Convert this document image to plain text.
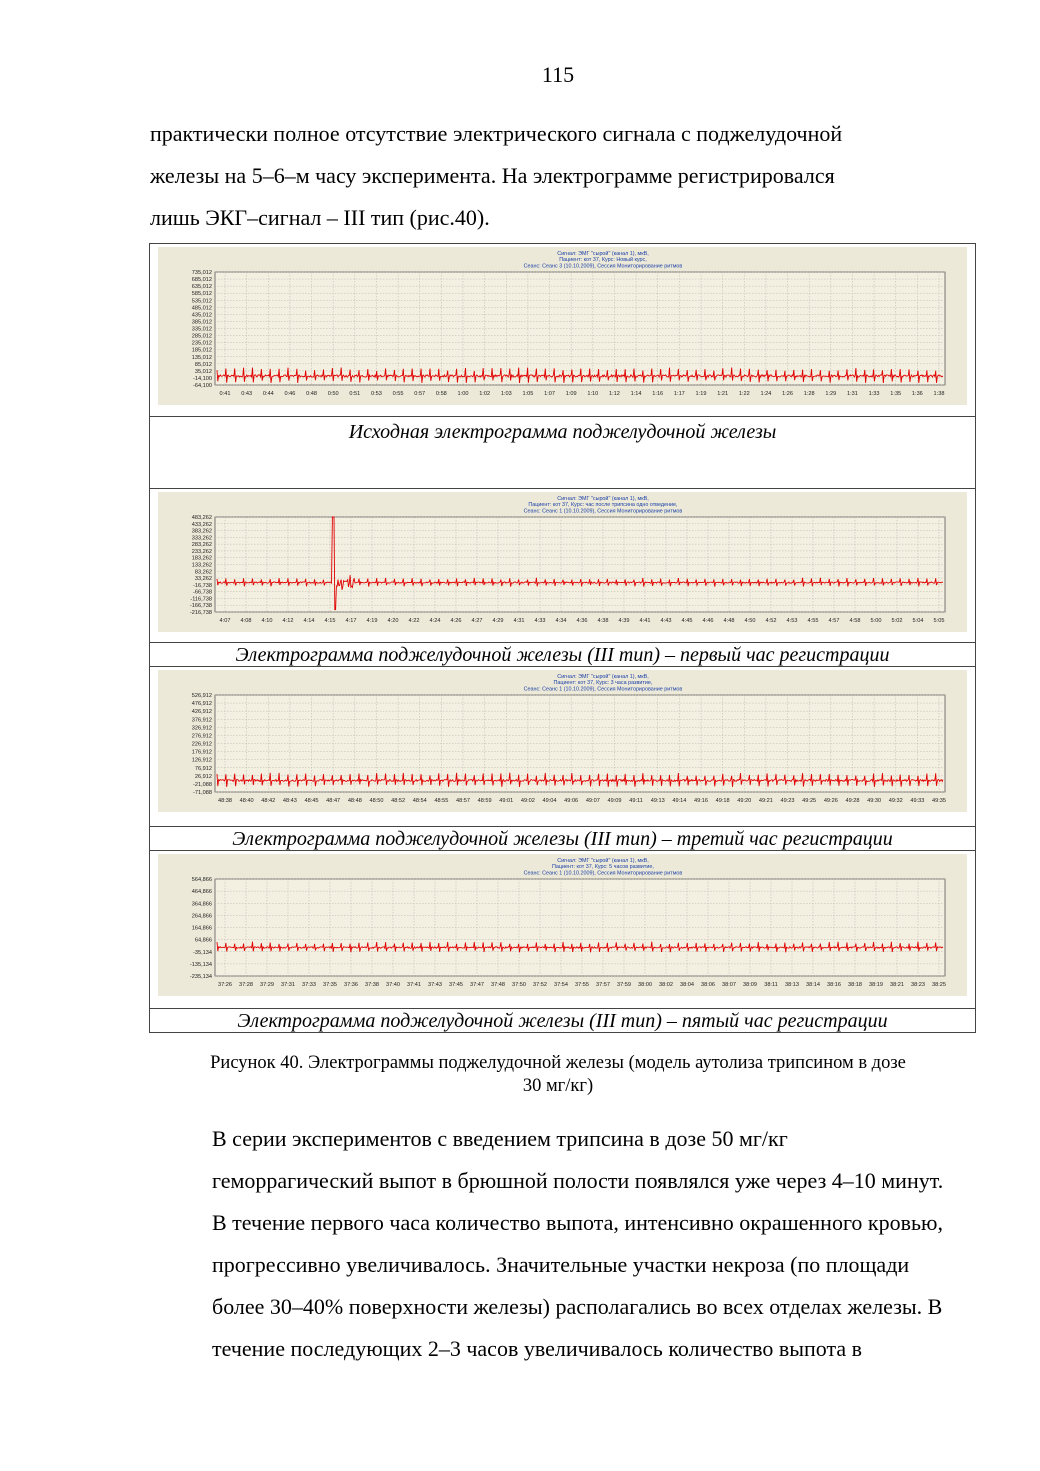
115

практически полное отсутствие электрического сигнала с поджелудочной

железы на 5–6–м часу эксперимента. На электрограмме регистрировался

лишь ЭКГ–сигнал – III тип (рис.40).

Сигнал: ЭМГ "сырой" (канал 1), мкВ,
Пациент: кот 37, Курс: Новый курс,
Сеанс: Сеанс 3 (10.10.2009), Сессия Мониторирование ритмов
735,012
685,012
635,012
585,012
535,012
485,012
435,012
385,012
335,012
285,012
235,012
185,012
135,012
85,012
35,012
-14,100
-64,100
0:41 0:43 0:44 0:46 0:48 0:50 0:51 0:53 0:55 0:57 0:58 1:00 1:02 1:03 1:05 1:07 1:09 1:10 1:12 1:14 1:16 1:17 1:19 1:21 1:22 1:24 1:26 1:28 1:29 1:31 1:33 1:35 1:36 1:38
Исходная электрограмма поджелудочной железы
Сигнал: ЭМГ "сырой" (канал 1), мкВ,
Пациент: кот 37, Курс: час после трипсина одно отведение,
Сеанс: Сеанс 1 (10.10.2009), Сессия Мониторирование ритмов
483,262
433,262
383,262
333,262
283,262
233,262
183,262
133,262
83,262
33,262
-16,738
-66,738
-116,738
-166,738
-216,738
4:07 4:08 4:10 4:12 4:14 4:15 4:17 4:19 4:20 4:22 4:24 4:26 4:27 4:29 4:31 4:33 4:34 4:36 4:38 4:39 4:41 4:43 4:45 4:46 4:48 4:50 4:52 4:53 4:55 4:57 4:58 5:00 5:02 5:04 5:05
Электрограмма поджелудочной железы (III тип) – первый час регистрации
Сигнал: ЭМГ "сырой" (канал 1), мкВ,
Пациент: кот 37, Курс: 3 часа развитие,
Сеанс: Сеанс 1 (10.10.2009), Сессия Мониторирование ритмов
526,912
476,912
426,912
376,912
326,912
276,912
226,912
176,912
126,912
76,912
26,912
-21,088
-71,088
48:38 48:40 48:42 48:43 48:45 48:47 48:48 48:50 48:52 48:54 48:55 48:57 48:59 49:01 49:02 49:04 49:06 49:07 49:09 49:11 49:13 49:14 49:16 49:18 49:20 49:21 49:23 49:25 49:26 49:28 49:30 49:32 49:33 49:35
Электрограмма поджелудочной железы (III тип) – третий час регистрации
Сигнал: ЭМГ "сырой" (канал 1), мкВ,
Пациент: кот 37, Курс: 5 часов развитие,
Сеанс: Сеанс 1 (10.10.2009), Сессия Мониторирование ритмов
564,866
464,866
364,866
264,866
164,866
64,866
-35,134
-135,134
-235,134
37:26 37:28 37:29 37:31 37:33 37:35 37:36 37:38 37:40 37:41 37:43 37:45 37:47 37:48 37:50 37:52 37:54 37:55 37:57 37:59 38:00 38:02 38:04 38:06 38:07 38:09 38:11 38:13 38:14 38:16 38:18 38:19 38:21 38:23 38:25
Электрограмма поджелудочной железы (III тип) – пятый час регистрации
Рисунок 40. Электрограммы поджелудочной железы (модель аутолиза трипсином в дозе
30 мг/кг)

В серии экспериментов с введением трипсина в дозе 50 мг/кг

геморрагический выпот в брюшной полости появлялся уже через 4–10 минут.

В течение первого часа количество выпота, интенсивно окрашенного кровью,

прогрессивно увеличивалось. Значительные участки некроза (по площади

более 30–40% поверхности железы) располагались во всех отделах железы. В

течение последующих 2–3 часов увеличивалось количество выпота в
